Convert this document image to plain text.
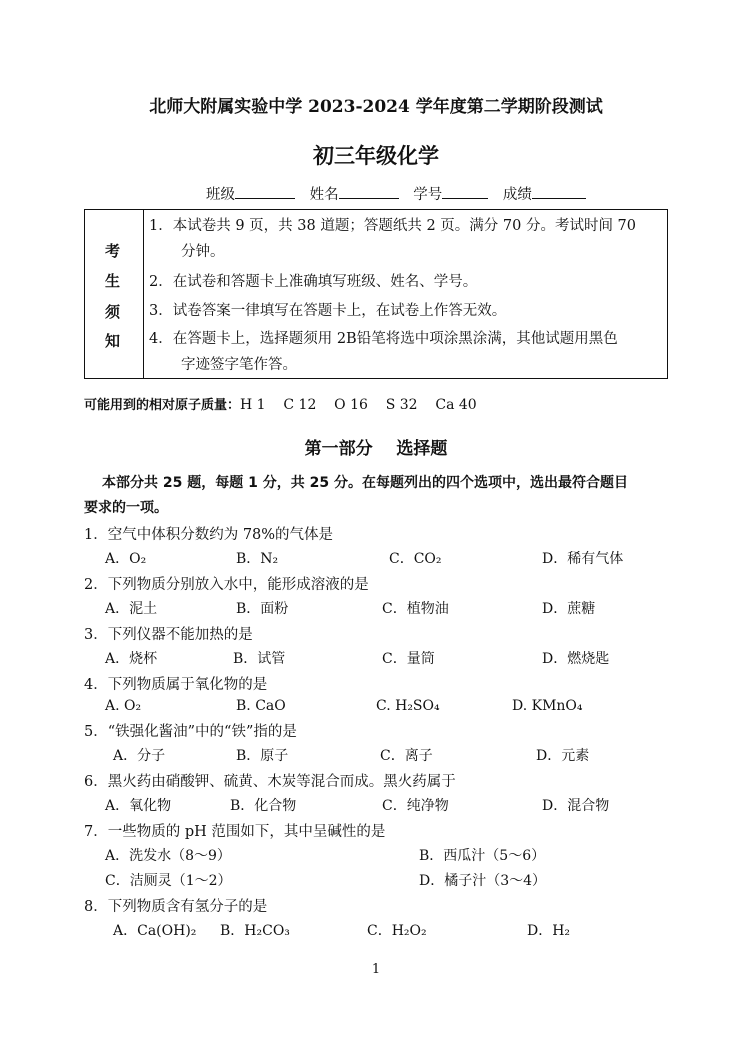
北师大附属实验中学 2023-2024 学年度第二学期阶段测试
初三年级化学
班级	姓名	学号	成绩
考
生
须
知
1．本试卷共 9 页，共 38 道题；答题纸共 2 页。满分 70 分。考试时间 70
分钟。
2．在试卷和答题卡上准确填写班级、姓名、学号。
3．试卷答案一律填写在答题卡上，在试卷上作答无效。
4．在答题卡上，选择题须用 2B铅笔将选中项涂黑涂满，其他试题用黑色
字迹签字笔作答。
可能用到的相对原子质量：H 1    C 12    O 16    S 32    Ca 40
第一部分    选择题
本部分共 25 题，每题 1 分，共 25 分。在每题列出的四个选项中，选出最符合题目
要求的一项。
1．空气中体积分数约为 78%的气体是
A．O₂	B．N₂	C．CO₂	D．稀有气体
2．下列物质分别放入水中，能形成溶液的是
A．泥土	B．面粉	C．植物油	D．蔗糖
3．下列仪器不能加热的是
A．烧杯	B．试管	C．量筒	D．燃烧匙
4．下列物质属于氧化物的是
A. O₂	B. CaO	C. H₂SO₄	D. KMnO₄
5．“铁强化酱油”中的“铁”指的是
A．分子	B．原子	C．离子	D．元素
6．黑火药由硝酸钾、硫黄、木炭等混合而成。黑火药属于
A．氧化物	B．化合物	C．纯净物	D．混合物
7．一些物质的 pH 范围如下，其中呈碱性的是
A．洗发水（8～9）	B．西瓜汁（5～6）
C．洁厕灵（1～2）	D．橘子汁（3～4）
8．下列物质含有氢分子的是
A．Ca(OH)₂ B．H₂CO₃	C．H₂O₂	D．H₂
1
